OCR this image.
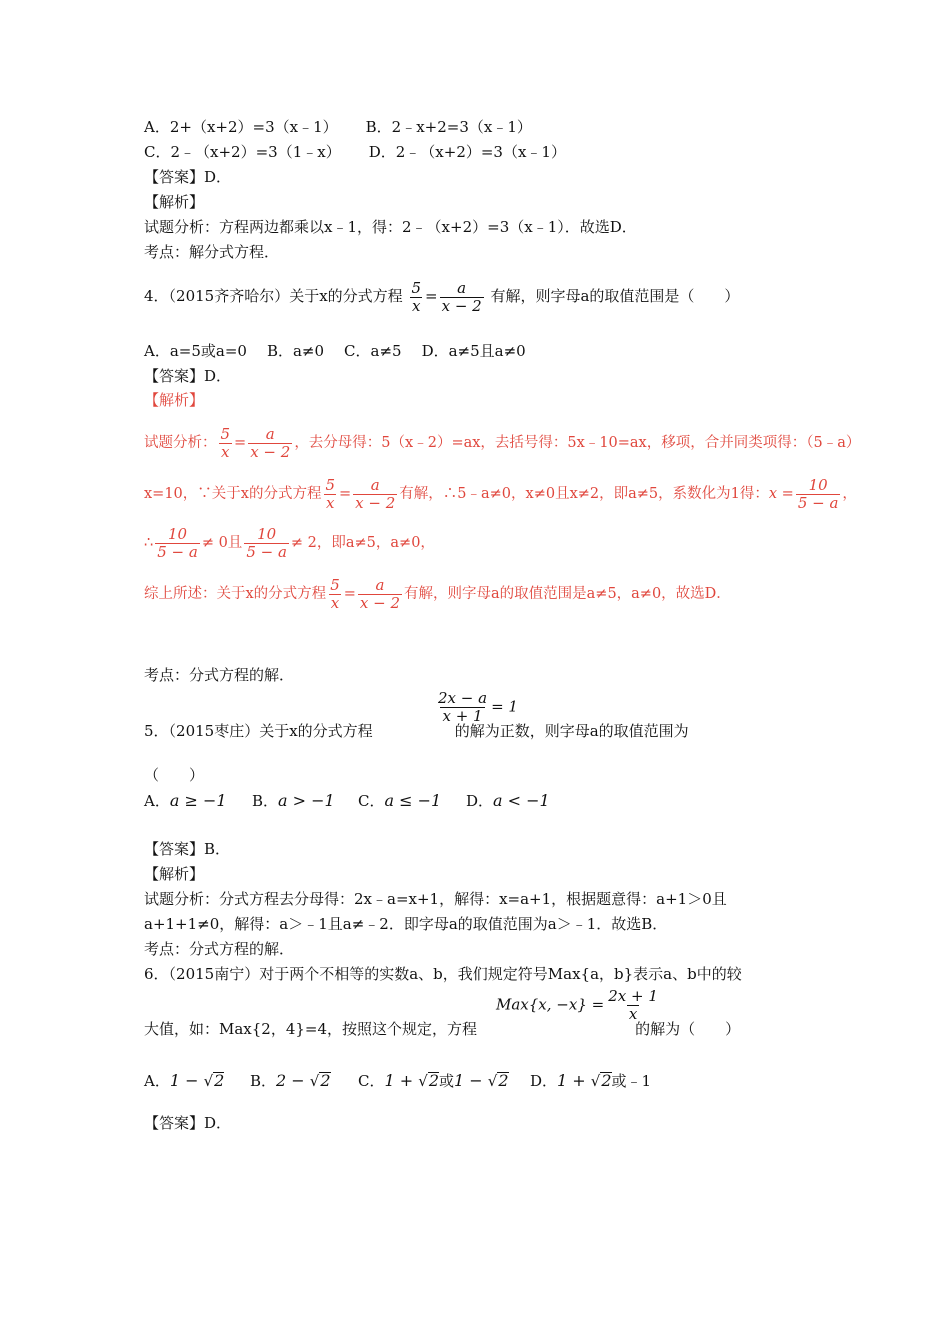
A．2+（x+2）=3（x﹣1） B．2﹣x+2=3（x﹣1）
C．2﹣（x+2）=3（1﹣x） D．2﹣（x+2）=3（x﹣1）
【答案】D．
【解析】
试题分析：方程两边都乘以x﹣1，得：2﹣（x+2）=3（x﹣1）．故选D．
考点：解分式方程．
4．（2015齐齐哈尔）关于x的分式方程 $\frac{5}{x} = \frac{a}{x - 2}$ 有解，则字母a的取值范围是（　　）
A．a=5或a=0 B．a≠0 C．a≠5 D．a≠5且a≠0
【答案】D．
【解析】
试题分析： $\frac{5}{x} = \frac{a}{x - 2}$ ，去分母得：5（x﹣2）=ax，去括号得：5x﹣10=ax，移项，合并同类项得：（5﹣a）
x=10，∵关于x的分式方程 $\frac{5}{x} = \frac{a}{x - 2}$ 有解，∴5﹣a≠0，x≠0且x≠2，即a≠5，系数化为1得：$x = \frac{10}{5 - a}$ ，
∴ $\frac{10}{5 - a} \ne 0$且 $\frac{10}{5 - a} \ne 2$，即a≠5，a≠0，
综上所述：关于x的分式方程 $\frac{5}{x} = \frac{a}{x - 2}$ 有解，则字母a的取值范围是a≠5，a≠0，故选D．
考点：分式方程的解．
$\frac{2x - a}{x + 1} = 1$
5．（2015枣庄）关于x的分式方程	的解为正数，则字母a的取值范围为
（　　）
A．a ≥ −1 B．a > −1 C．a ≤ −1 D．a < −1
【答案】B．
【解析】
试题分析：分式方程去分母得：2x﹣a=x+1，解得：x=a+1，根据题意得：a+1＞0且
a+1+1≠0，解得：a＞﹣1且a≠﹣2．即字母a的取值范围为a＞﹣1．故选B．
考点：分式方程的解．
6．（2015南宁）对于两个不相等的实数a、b，我们规定符号Max{a，b}表示a、b中的较
Max{x, $-x\} = \frac{2x + 1}{x}$
大值，如：Max{2，4}=4，按照这个规定，方程	的解为（　　）
A．1 − √2 B．2 − √2 C．1 + √2或1 − √2 D．1 + √2或﹣1
【答案】D．
